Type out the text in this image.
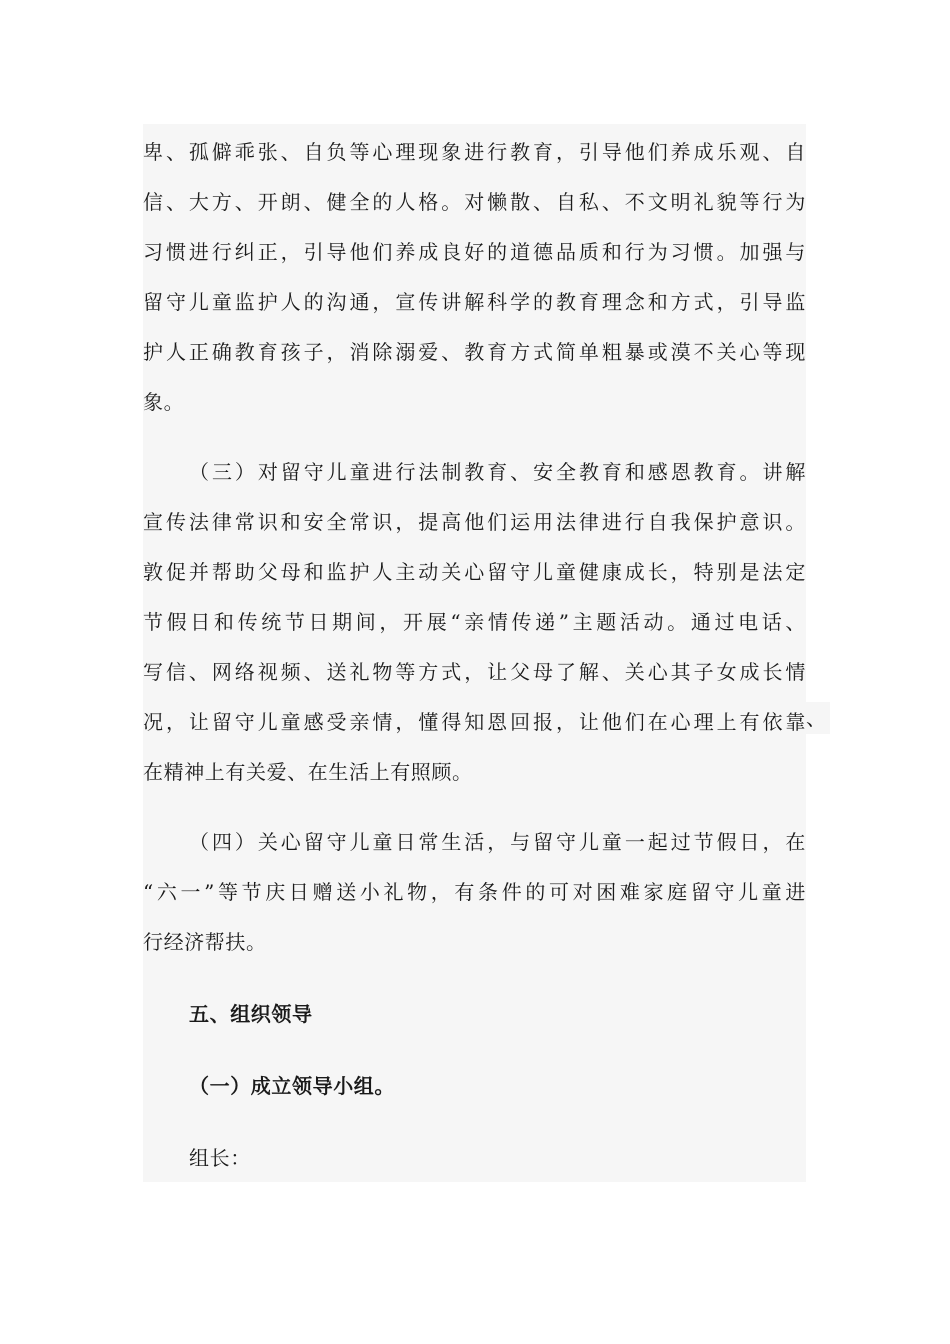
卑、孤僻乖张、自负等心理现象进行教育，引导他们养成乐观、自
信、大方、开朗、健全的人格。对懒散、自私、不文明礼貌等行为
习惯进行纠正，引导他们养成良好的道德品质和行为习惯。加强与
留守儿童监护人的沟通，宣传讲解科学的教育理念和方式，引导监
护人正确教育孩子，消除溺爱、教育方式简单粗暴或漠不关心等现
象。
（三）对留守儿童进行法制教育、安全教育和感恩教育。讲解
宣传法律常识和安全常识，提高他们运用法律进行自我保护意识。
敦促并帮助父母和监护人主动关心留守儿童健康成长，特别是法定
节假日和传统节日期间，开展“亲情传递”主题活动。通过电话、
写信、网络视频、送礼物等方式，让父母了解、关心其子女成长情
况，让留守儿童感受亲情，懂得知恩回报，让他们在心理上有依靠
在精神上有关爱、在生活上有照顾。
（四）关心留守儿童日常生活，与留守儿童一起过节假日，在
“六一”等节庆日赠送小礼物，有条件的可对困难家庭留守儿童进
行经济帮扶。
五、组织领导
（一）成立领导小组。
组长：
、
